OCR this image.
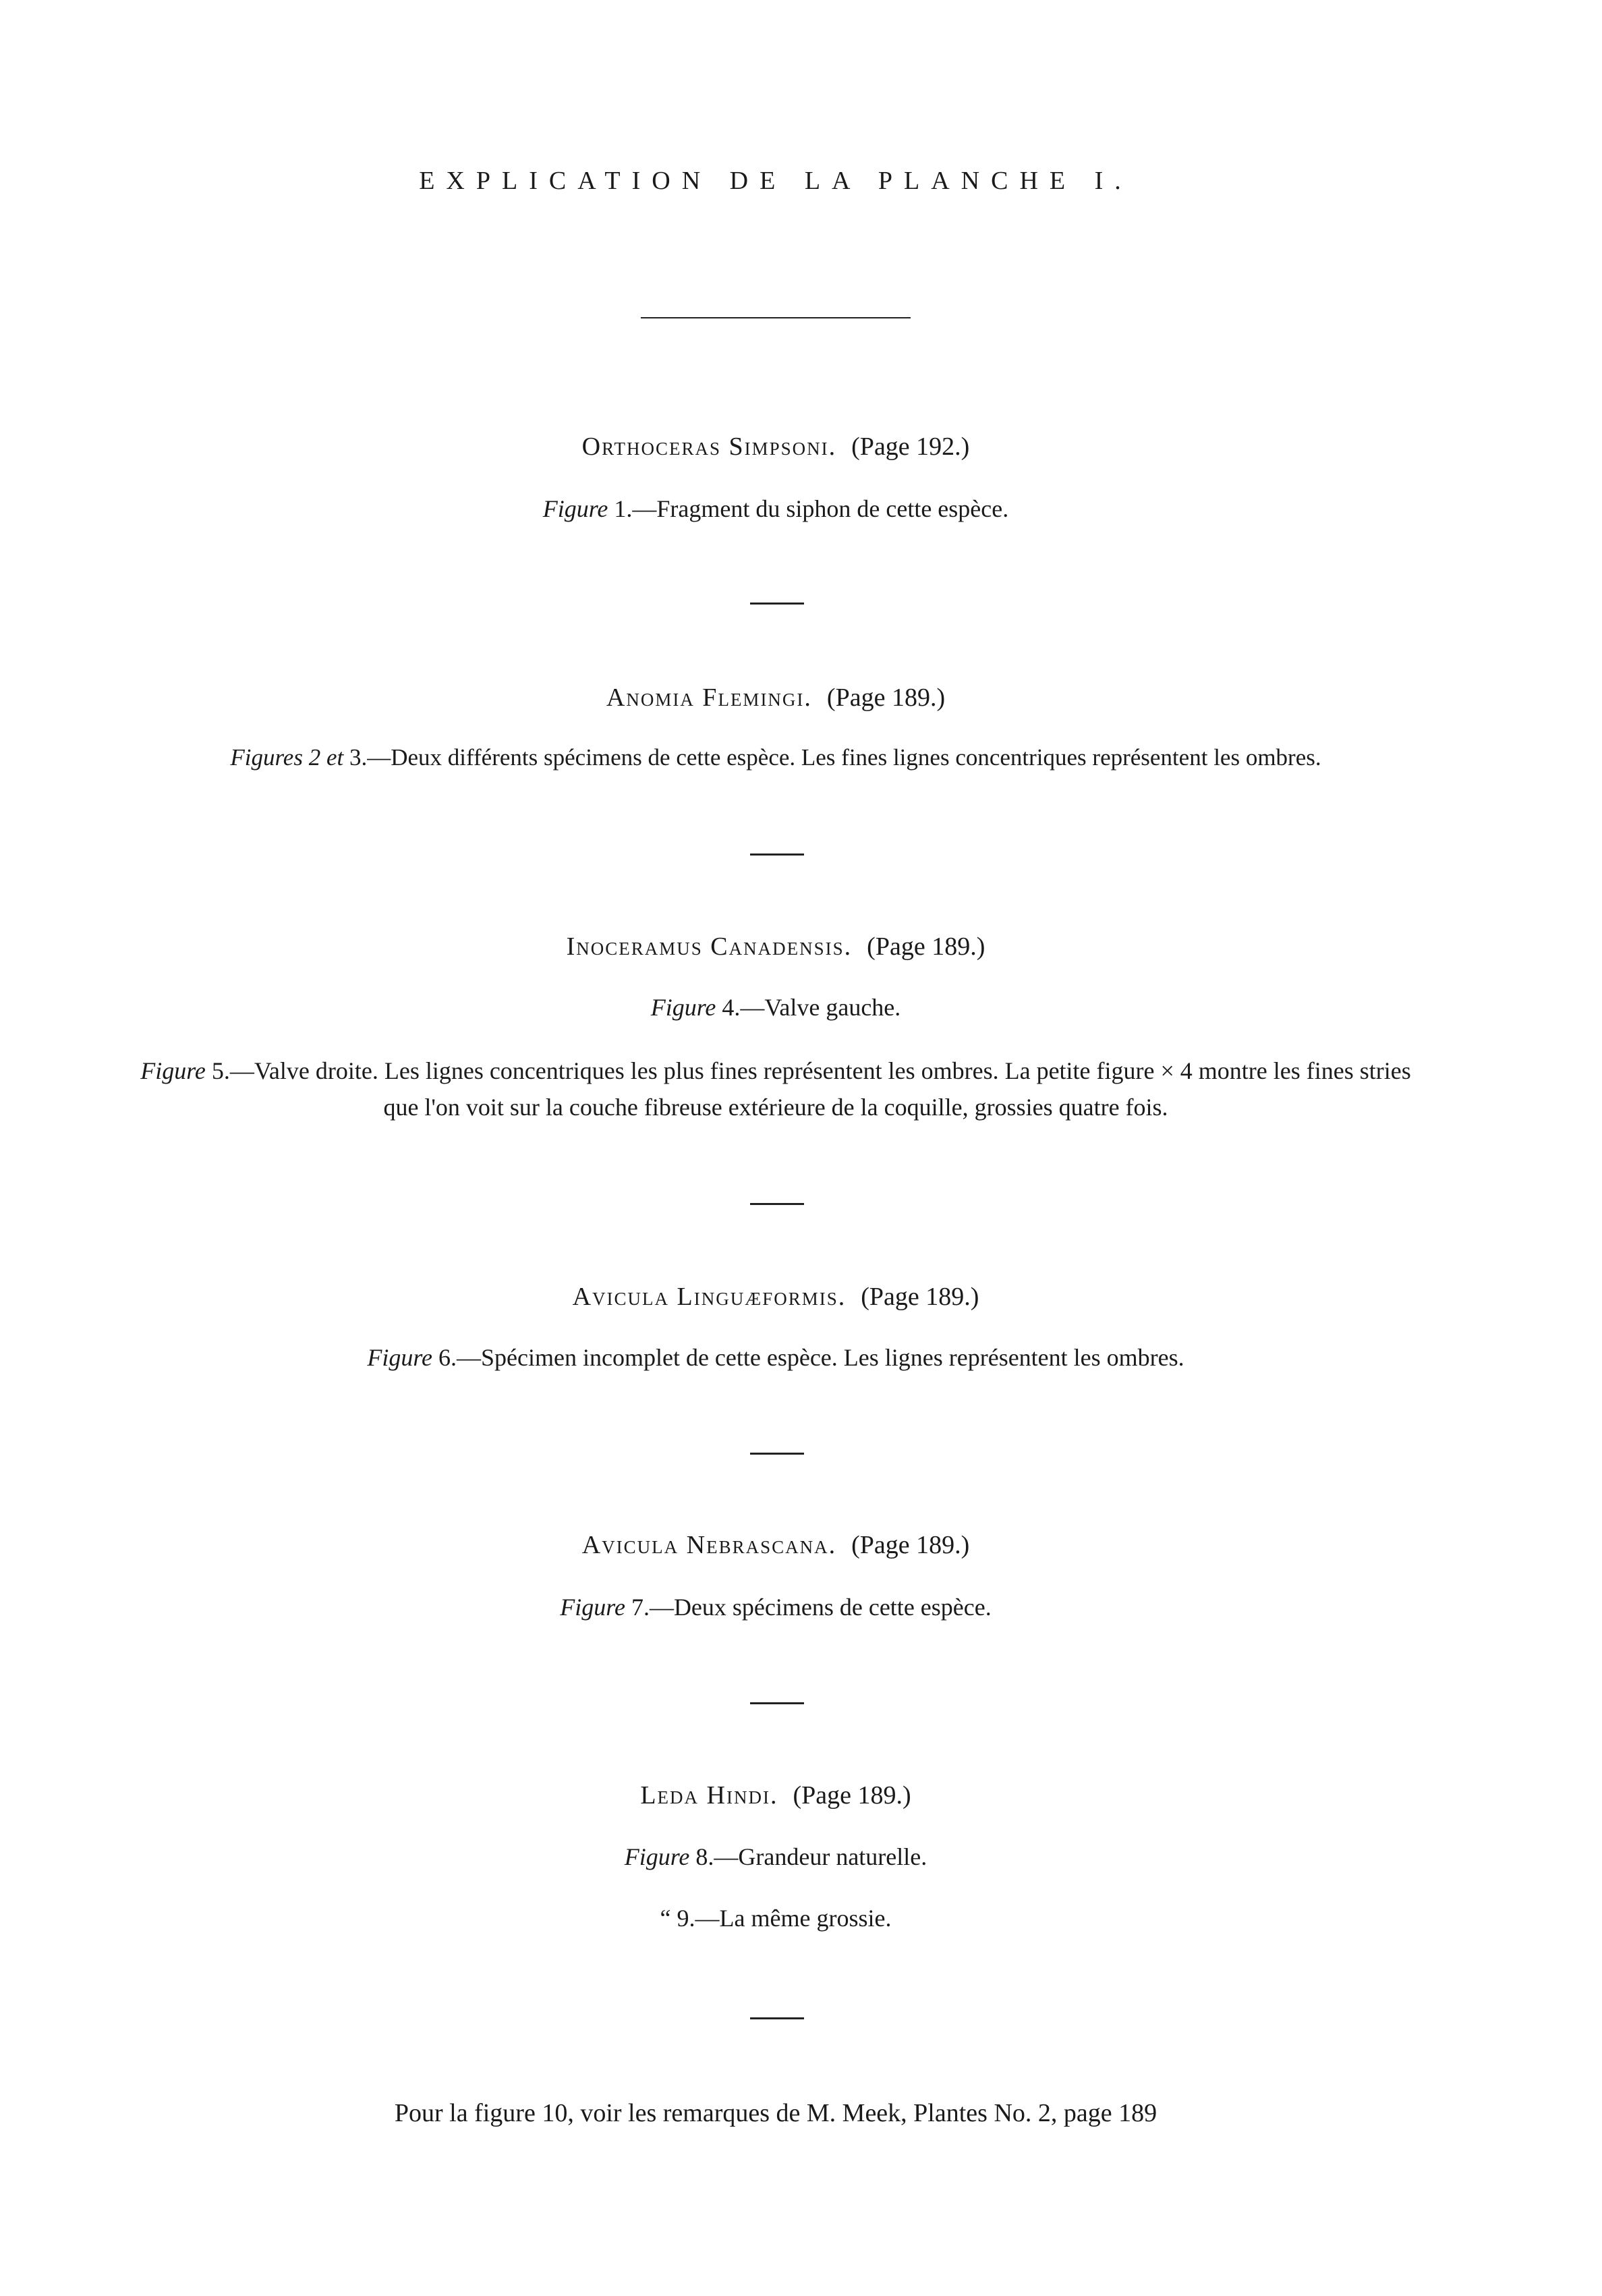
EXPLICATION DE LA PLANCHE I.

Orthoceras Simpsoni. (Page 192.)

Figure 1.—Fragment du siphon de cette espèce.

Anomia Flemingi. (Page 189.)

Figures 2 et 3.—Deux différents spécimens de cette espèce. Les fines lignes concentriques représentent les ombres.

Inoceramus Canadensis. (Page 189.)

Figure 4.—Valve gauche.

Figure 5.—Valve droite. Les lignes concentriques les plus fines représentent les ombres. La petite figure × 4 montre les fines stries que l'on voit sur la couche fibreuse extérieure de la coquille, grossies quatre fois.

Avicula Linguæformis. (Page 189.)

Figure 6.—Spécimen incomplet de cette espèce. Les lignes représentent les ombres.

Avicula Nebrascana. (Page 189.)

Figure 7.—Deux spécimens de cette espèce.

Leda Hindi. (Page 189.)

Figure 8.—Grandeur naturelle.

“ 9.—La même grossie.

Pour la figure 10, voir les remarques de M. Meek, Plantes No. 2, page 189
